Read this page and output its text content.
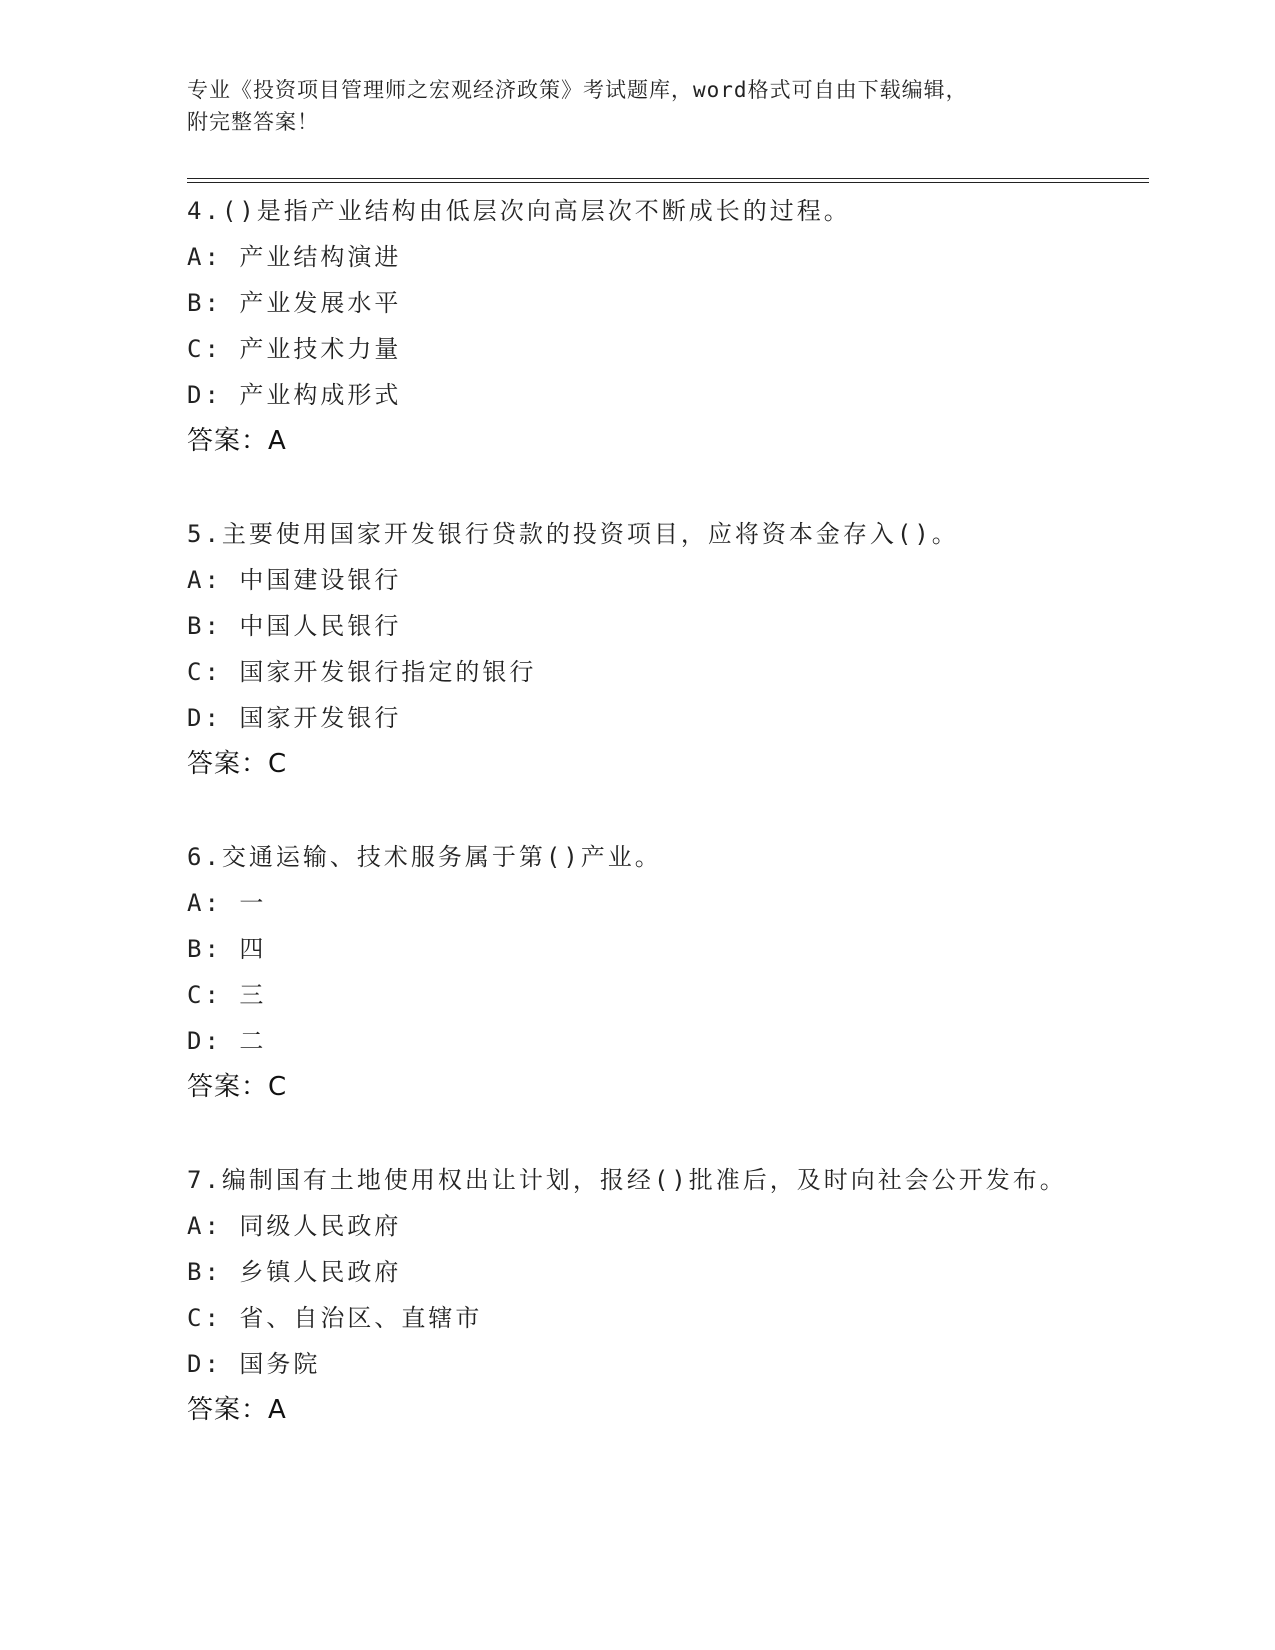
专业《投资项目管理师之宏观经济政策》考试题库，word格式可自由下载编辑，
附完整答案！
4.()是指产业结构由低层次向高层次不断成长的过程。
A: 产业结构演进
B: 产业发展水平
C: 产业技术力量
D: 产业构成形式
答案：A
5.主要使用国家开发银行贷款的投资项目，应将资本金存入()。
A: 中国建设银行
B: 中国人民银行
C: 国家开发银行指定的银行
D: 国家开发银行
答案：C
6.交通运输、技术服务属于第()产业。
A: 一
B: 四
C: 三
D: 二
答案：C
7.编制国有土地使用权出让计划，报经()批准后，及时向社会公开发布。
A: 同级人民政府
B: 乡镇人民政府
C: 省、自治区、直辖市
D: 国务院
答案：A
